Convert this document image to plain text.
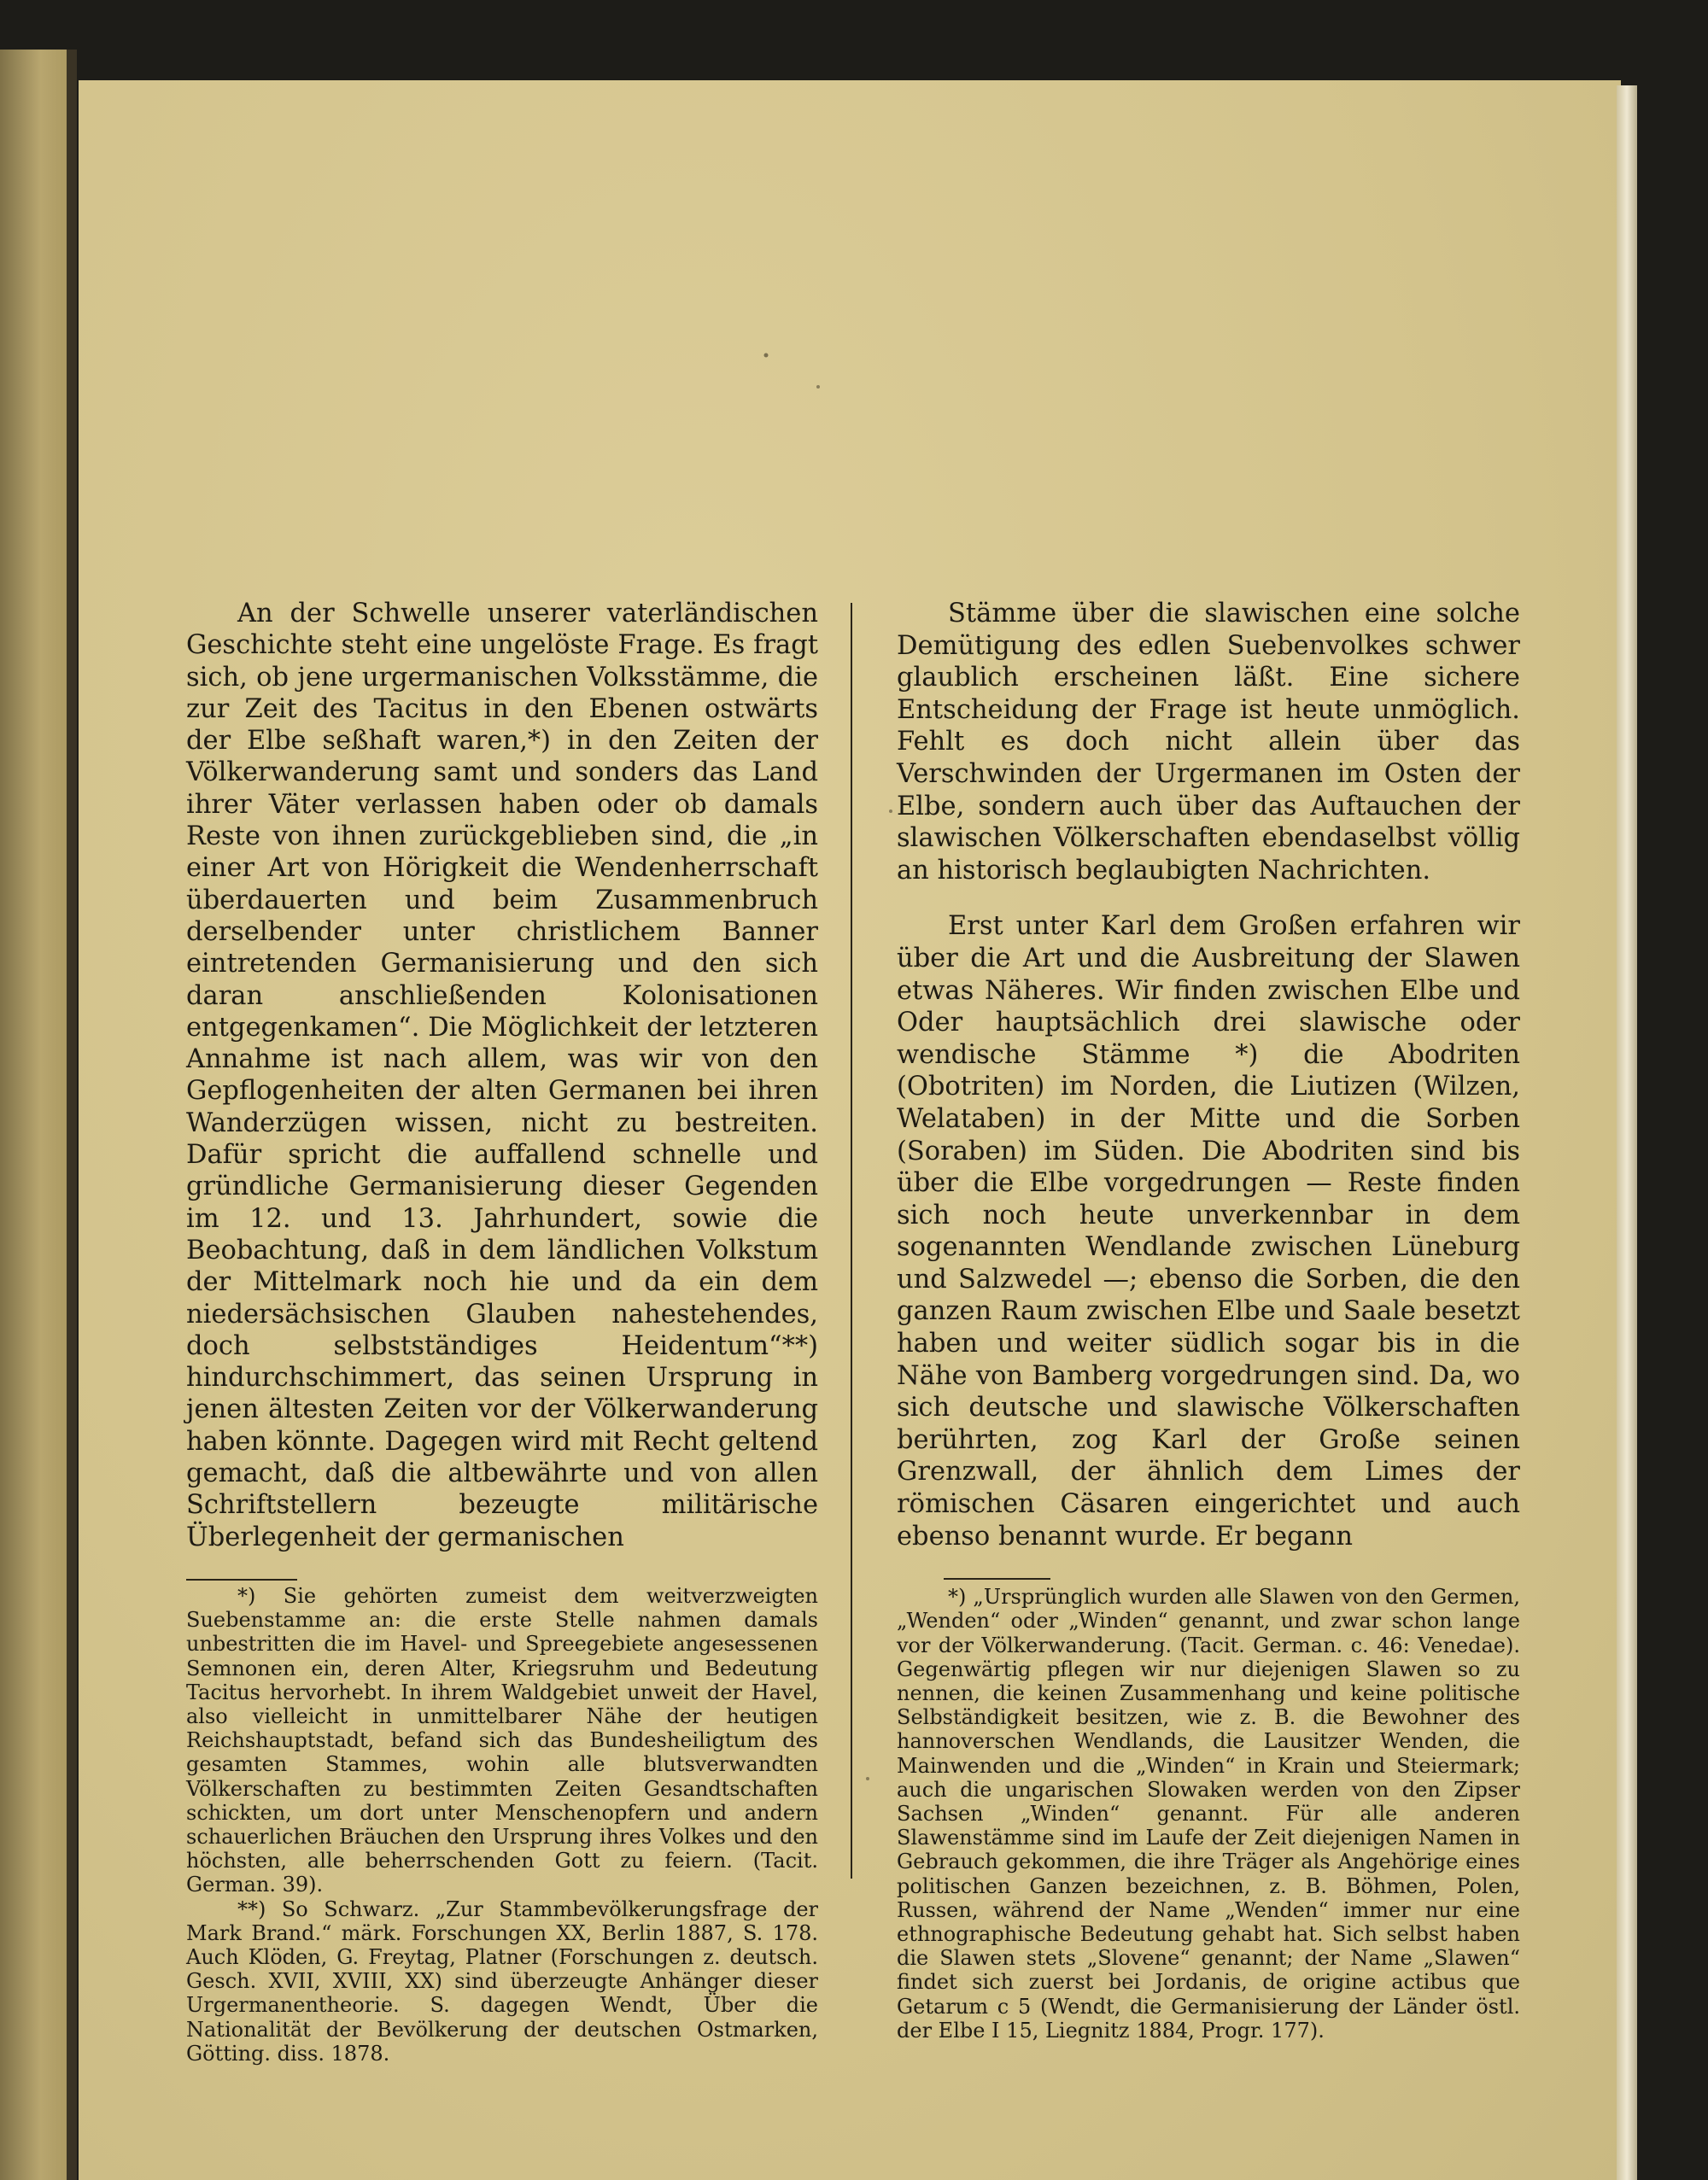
An der Schwelle unserer vaterländischen Geschichte steht eine ungelöste Frage. Es fragt sich, ob jene urgermanischen Volksstämme, die zur Zeit des Tacitus in den Ebenen ostwärts der Elbe seßhaft waren,*) in den Zeiten der Völkerwanderung samt und sonders das Land ihrer Väter verlassen haben oder ob damals Reste von ihnen zurückgeblieben sind, die „in einer Art von Hörigkeit die Wendenherrschaft überdauerten und beim Zusammenbruch derselbender unter christlichem Banner eintretenden Germanisierung und den sich daran anschließenden Kolonisationen entgegenkamen“. Die Möglichkeit der letzteren Annahme ist nach allem, was wir von den Gepflogenheiten der alten Germanen bei ihren Wanderzügen wissen, nicht zu bestreiten. Dafür spricht die auffallend schnelle und gründliche Germanisierung dieser Gegenden im 12. und 13. Jahrhundert, sowie die Beobachtung, daß in dem ländlichen Volkstum der Mittelmark noch hie und da ein dem niedersächsischen Glauben nahestehendes, doch selbstständiges Heidentum“**) hindurchschimmert, das seinen Ursprung in jenen ältesten Zeiten vor der Völkerwanderung haben könnte. Dagegen wird mit Recht geltend gemacht, daß die altbewährte und von allen Schriftstellern bezeugte militärische Überlegenheit der germanischen

*) Sie gehörten zumeist dem weitverzweigten Suebenstamme an: die erste Stelle nahmen damals unbestritten die im Havel- und Spreegebiete angesessenen Semnonen ein, deren Alter, Kriegsruhm und Bedeutung Tacitus hervorhebt. In ihrem Waldgebiet unweit der Havel, also vielleicht in unmittelbarer Nähe der heutigen Reichshauptstadt, befand sich das Bundesheiligtum des gesamten Stammes, wohin alle blutsverwandten Völkerschaften zu bestimmten Zeiten Gesandtschaften schickten, um dort unter Menschenopfern und andern schauerlichen Bräuchen den Ursprung ihres Volkes und den höchsten, alle beherrschenden Gott zu feiern. (Tacit. German. 39).

**) So Schwarz. „Zur Stammbevölkerungsfrage der Mark Brand.“ märk. Forschungen XX, Berlin 1887, S. 178. Auch Klöden, G. Freytag, Platner (Forschungen z. deutsch. Gesch. XVII, XVIII, XX) sind überzeugte Anhänger dieser Urgermanentheorie. S. dagegen Wendt, Über die Nationalität der Bevölkerung der deutschen Ostmarken, Götting. diss. 1878.

Stämme über die slawischen eine solche Demütigung des edlen Suebenvolkes schwer glaublich erscheinen läßt. Eine sichere Entscheidung der Frage ist heute unmöglich. Fehlt es doch nicht allein über das Verschwinden der Urgermanen im Osten der Elbe, sondern auch über das Auftauchen der slawischen Völkerschaften ebendaselbst völlig an historisch beglaubigten Nachrichten.

Erst unter Karl dem Großen erfahren wir über die Art und die Ausbreitung der Slawen etwas Näheres. Wir finden zwischen Elbe und Oder hauptsächlich drei slawische oder wendische Stämme *) die Abodriten (Obotriten) im Norden, die Liutizen (Wilzen, Welataben) in der Mitte und die Sorben (Soraben) im Süden. Die Abodriten sind bis über die Elbe vorgedrungen — Reste finden sich noch heute unverkennbar in dem sogenannten Wendlande zwischen Lüneburg und Salzwedel —; ebenso die Sorben, die den ganzen Raum zwischen Elbe und Saale besetzt haben und weiter südlich sogar bis in die Nähe von Bamberg vorgedrungen sind. Da, wo sich deutsche und slawische Völkerschaften berührten, zog Karl der Große seinen Grenzwall, der ähnlich dem Limes der römischen Cäsaren eingerichtet und auch ebenso benannt wurde. Er begann

*) „Ursprünglich wurden alle Slawen von den Germen, „Wenden“ oder „Winden“ genannt, und zwar schon lange vor der Völkerwanderung. (Tacit. German. c. 46: Venedae). Gegenwärtig pflegen wir nur diejenigen Slawen so zu nennen, die keinen Zusammenhang und keine politische Selbständigkeit besitzen, wie z. B. die Bewohner des hannoverschen Wendlands, die Lausitzer Wenden, die Mainwenden und die „Winden“ in Krain und Steiermark; auch die ungarischen Slowaken werden von den Zipser Sachsen „Winden“ genannt. Für alle anderen Slawenstämme sind im Laufe der Zeit diejenigen Namen in Gebrauch gekommen, die ihre Träger als Angehörige eines politischen Ganzen bezeichnen, z. B. Böhmen, Polen, Russen, während der Name „Wenden“ immer nur eine ethnographische Bedeutung gehabt hat. Sich selbst haben die Slawen stets „Slovene“ genannt; der Name „Slawen“ findet sich zuerst bei Jordanis, de origine actibus que Getarum c 5 (Wendt, die Germanisierung der Länder östl. der Elbe I 15, Liegnitz 1884, Progr. 177).
